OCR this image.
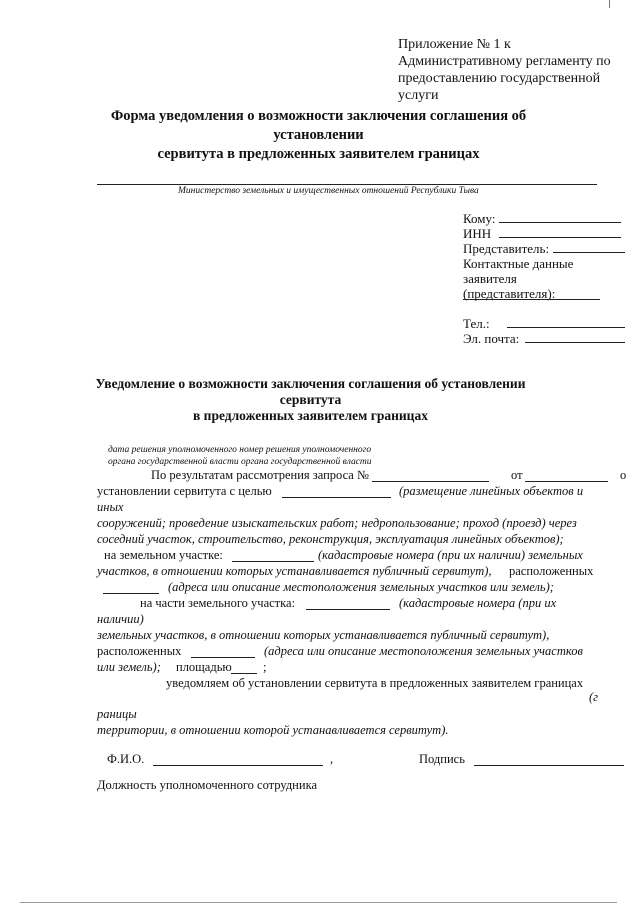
Приложение № 1 к
Административному регламенту по
предоставлению государственной
услуги
Форма уведомления о возможности заключения соглашения об
установлении
сервитута в предложенных заявителем границах
Министерство земельных и имущественных отношений Республики Тыва
Кому:
ИНН
Представитель:
Контактные данные
заявителя
(представителя):
Тел.:
Эл. почта:
Уведомление о возможности заключения соглашения об установлении
сервитута
в предложенных заявителем границах
дата решения уполномоченного номер решения уполномоченного
органа государственной власти органа государственной власти
По результатам рассмотрения запроса №	от	о
установлении сервитута с целью	(размещение линейных объектов и
иных
сооружений; проведение изыскательских работ; недропользование; проход (проезд) через
соседний участок, строительство, реконструкция, эксплуатация линейных объектов);
на земельном участке:	(кадастровые номера (при их наличии) земельных
участков, в отношении которых устанавливается публичный сервитут), расположенных
(адреса или описание местоположения земельных участков или земель);
на части земельного участка:	(кадастровые номера (при их
наличии)
земельных участков, в отношении которых устанавливается публичный сервитут),
расположенных	(адреса или описание местоположения земельных участков
или земель); площадью	;
уведомляем об установлении сервитута в предложенных заявителем границах
(г
раницы
территории, в отношении которой устанавливается сервитут).
Ф.И.О.	,	Подпись
Должность уполномоченного сотрудника
